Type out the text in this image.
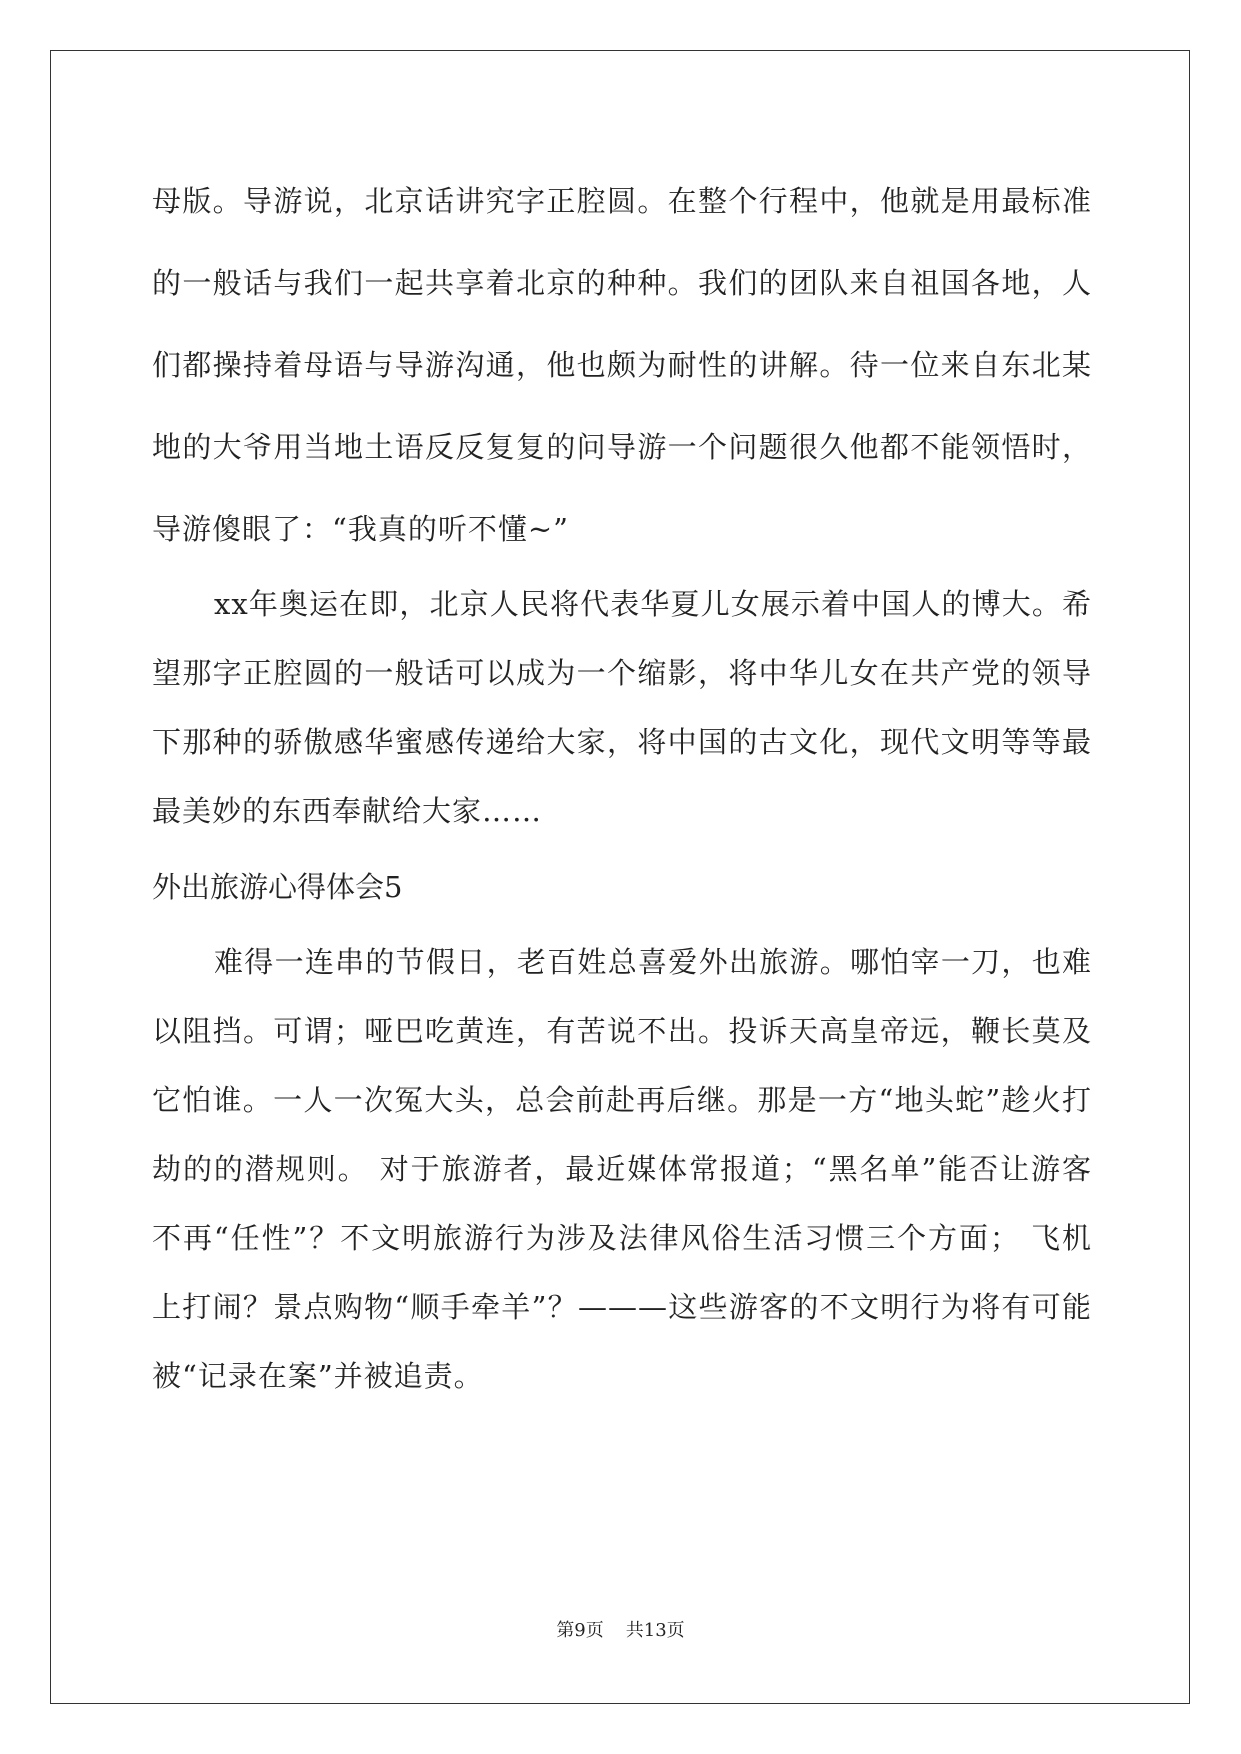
母版。导游说，北京话讲究字正腔圆。在整个行程中，他就是用最标准的一般话与我们一起共享着北京的种种。我们的团队来自祖国各地，人们都操持着母语与导游沟通，他也颇为耐性的讲解。待一位来自东北某地的大爷用当地土语反反复复的问导游一个问题很久他都不能领悟时，导游傻眼了：“我真的听不懂~”

xx年奥运在即，北京人民将代表华夏儿女展示着中国人的博大。希望那字正腔圆的一般话可以成为一个缩影，将中华儿女在共产党的领导下那种的骄傲感华蜜感传递给大家，将中国的古文化，现代文明等等最最美妙的东西奉献给大家……

外出旅游心得体会5

难得一连串的节假日，老百姓总喜爱外出旅游。哪怕宰一刀，也难以阻挡。可谓；哑巴吃黄连，有苦说不出。投诉天高皇帝远，鞭长莫及它怕谁。一人一次冤大头，总会前赴再后继。那是一方“地头蛇”趁火打劫的的潜规则。 对于旅游者，最近媒体常报道；“黑名单”能否让游客不再“任性”？不文明旅游行为涉及法律风俗生活习惯三个方面； 飞机上打闹？景点购物“顺手牵羊”？———这些游客的不文明行为将有可能被“记录在案”并被追责。

第9页 共13页
